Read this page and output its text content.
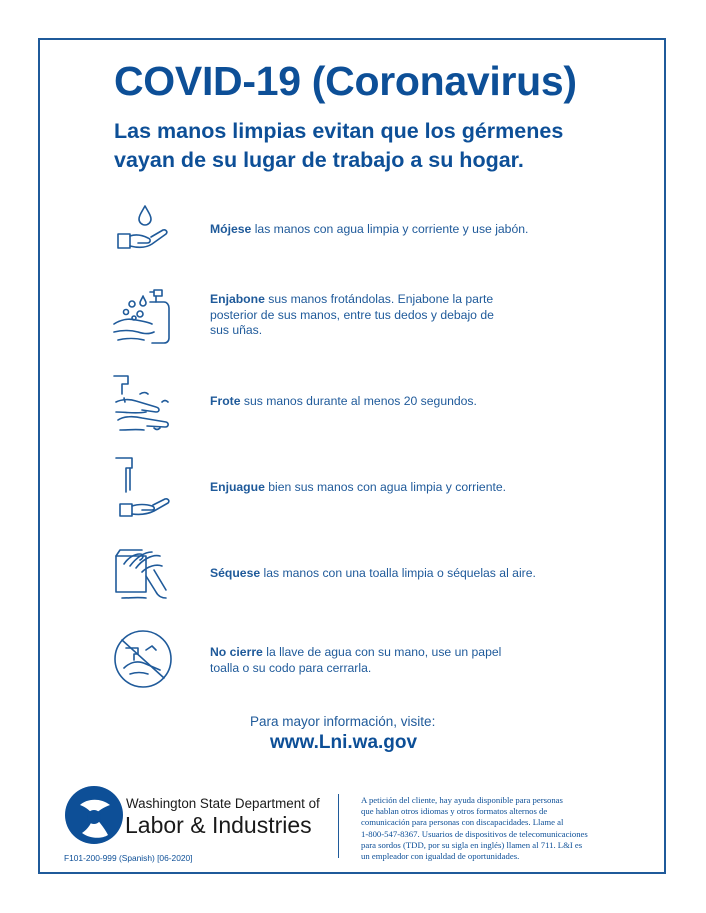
COVID-19 (Coronavirus)
Las manos limpias evitan que los gérmenes
vayan de su lugar de trabajo a su hogar.
Mójese las manos con agua limpia y corriente y use jabón.
Enjabone sus manos frotándolas. Enjabone la parte
posterior de sus manos, entre tus dedos y debajo de
sus uñas.
Frote sus manos durante al menos 20 segundos.
Enjuague bien sus manos con agua limpia y corriente.
Séquese las manos con una toalla limpia o séquelas al aire.
No cierre la llave de agua con su mano, use un papel
toalla o su codo para cerrarla.
Para mayor información, visite:
www.Lni.wa.gov
Washington State Department of
Labor & Industries
F101-200-999 (Spanish) [06-2020]
A petición del cliente, hay ayuda disponible para personas
que hablan otros idiomas y otros formatos alternos de
comunicación para personas con discapacidades. Llame al
1-800-547-8367. Usuarios de dispositivos de telecomunicaciones
para sordos (TDD, por su sigla en inglés) llamen al 711. L&I es
un empleador con igualdad de oportunidades.
